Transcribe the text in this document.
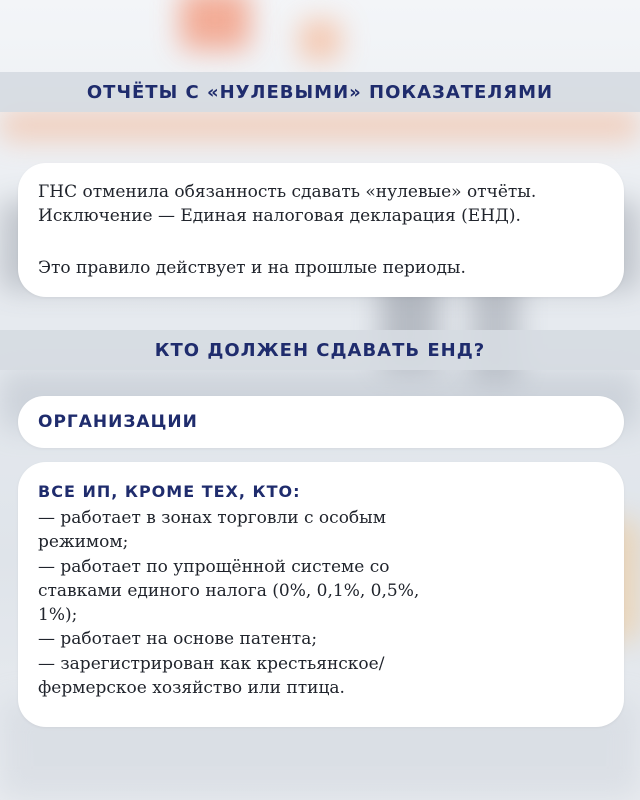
ОТЧЁТЫ С «НУЛЕВЫМИ» ПОКАЗАТЕЛЯМИ
ГНС отменила обязанность сдавать «нулевые» отчёты.
Исключение — Единая налоговая декларация (ЕНД).
Это правило действует и на прошлые периоды.
КТО ДОЛЖЕН СДАВАТЬ ЕНД?
ОРГАНИЗАЦИИ
ВСЕ ИП, КРОМЕ ТЕХ, КТО:
— работает в зонах торговли с особым
режимом;
— работает по упрощённой системе со
ставками единого налога (0%, 0,1%, 0,5%,
1%);
— работает на основе патента;
— зарегистрирован как крестьянское/
фермерское хозяйство или птица.
